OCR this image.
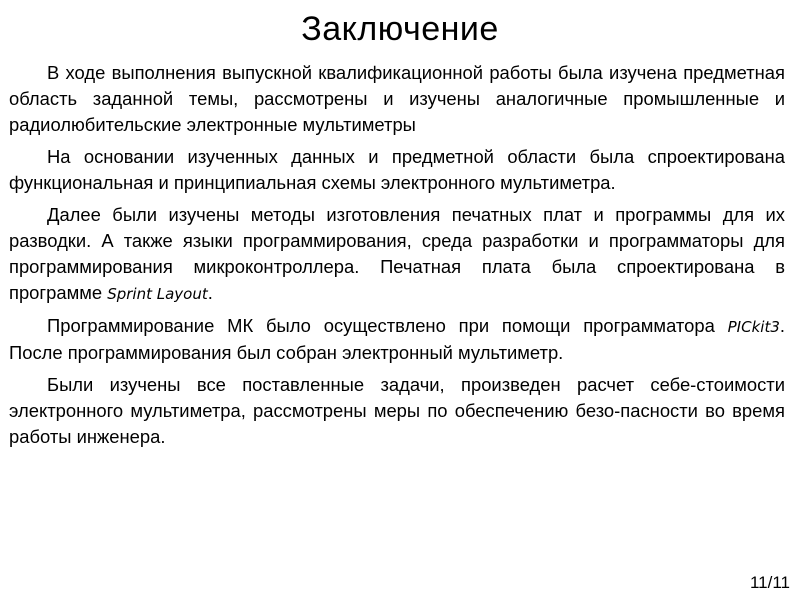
Заключение

В ходе выполнения выпускной квалификационной работы была изучена предметная область заданной темы, рассмотрены и изучены аналогичные промышленные и радиолюбительские электронные мультиметры

На основании изученных данных и предметной области была спроектирована функциональная и принципиальная схемы электронного мультиметра.

Далее были изучены методы изготовления печатных плат и программы для их разводки. А также языки программирования, среда разработки и программаторы для программирования микроконтроллера. Печатная плата была спроектирована в программе Sprint Layout.

Программирование МК было осуществлено при помощи программатора PICkit3. После программирования был собран электронный мультиметр.

Были изучены все поставленные задачи, произведен расчет себе-стоимости электронного мультиметра, рассмотрены меры по обеспечению безо-пасности во время работы инженера.

11/11
